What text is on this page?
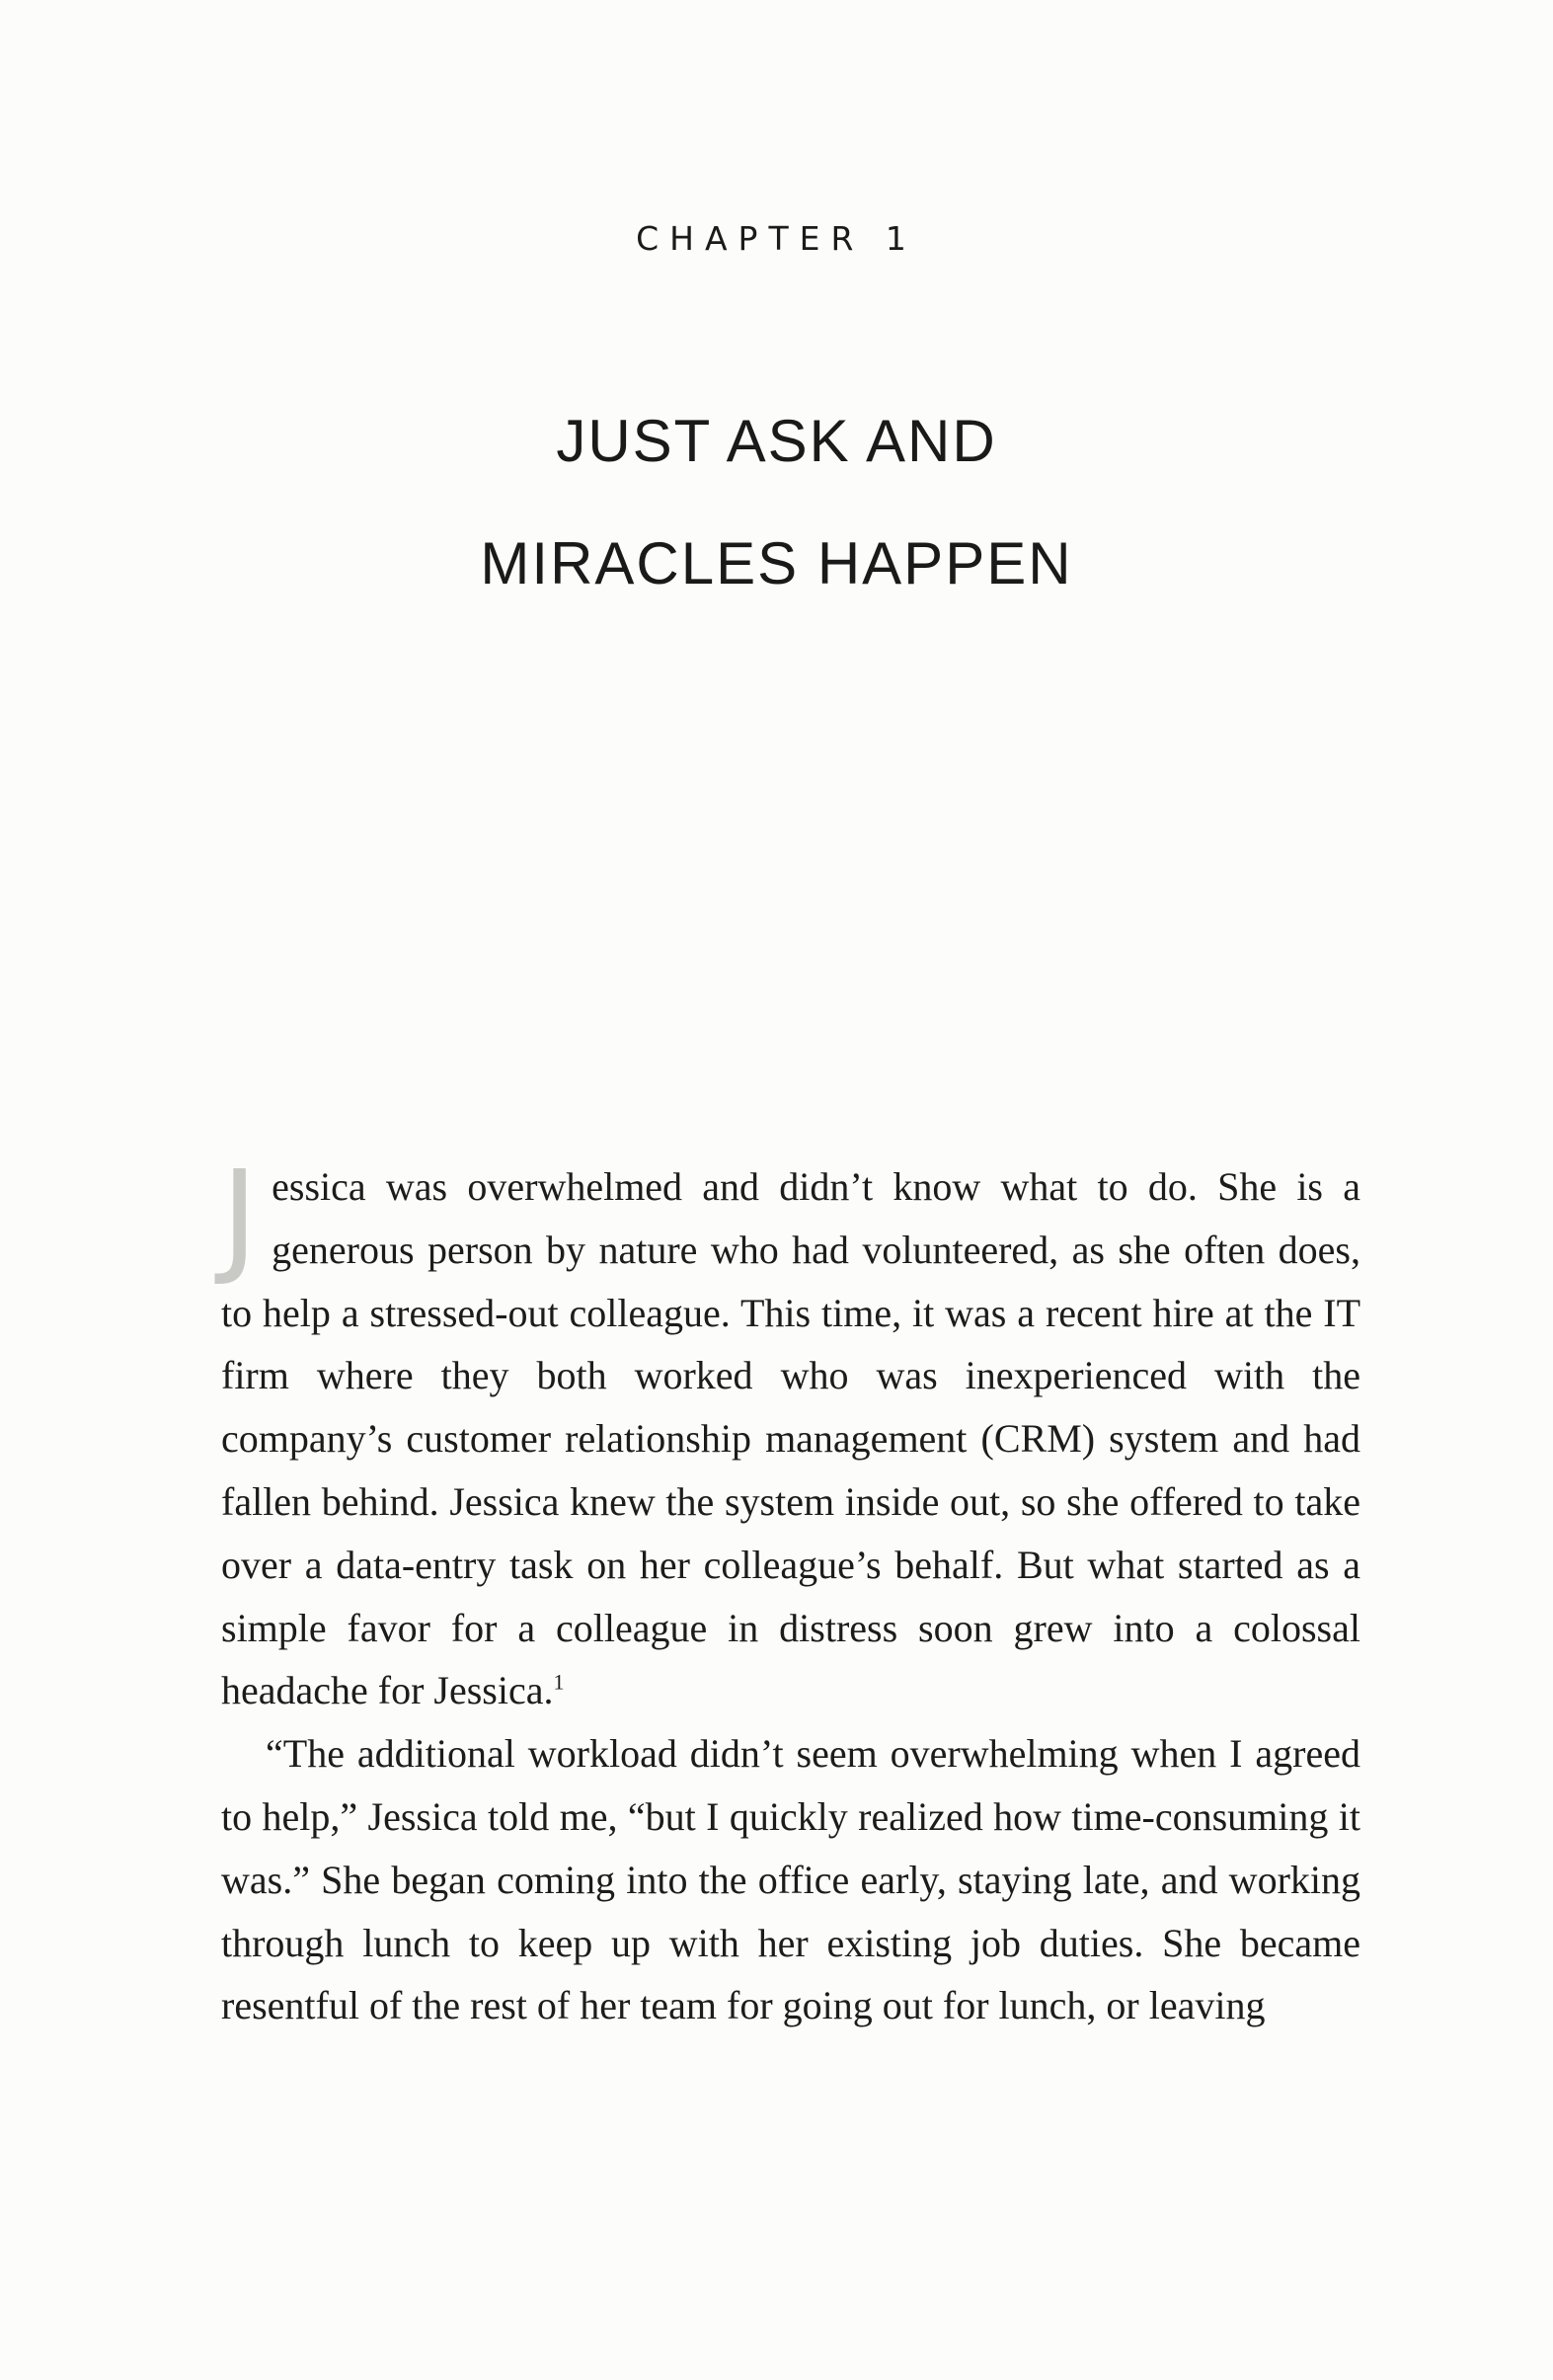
CHAPTER 1
JUST ASK AND
MIRACLES HAPPEN

Jessica was overwhelmed and didn’t know what to do. She is a generous person by nature who had volunteered, as she often does, to help a stressed-out colleague. This time, it was a recent hire at the IT firm where they both worked who was inexperienced with the company’s customer relationship management (CRM) system and had fallen behind. Jessica knew the system inside out, so she offered to take over a data-entry task on her colleague’s behalf. But what started as a simple favor for a colleague in distress soon grew into a colossal headache for Jessica.$^1$

“The additional workload didn’t seem overwhelming when I agreed to help,” Jessica told me, “but I quickly realized how time-consuming it was.” She began coming into the office early, staying late, and working through lunch to keep up with her existing job duties. She became resentful of the rest of her team for going out for lunch, or leaving
